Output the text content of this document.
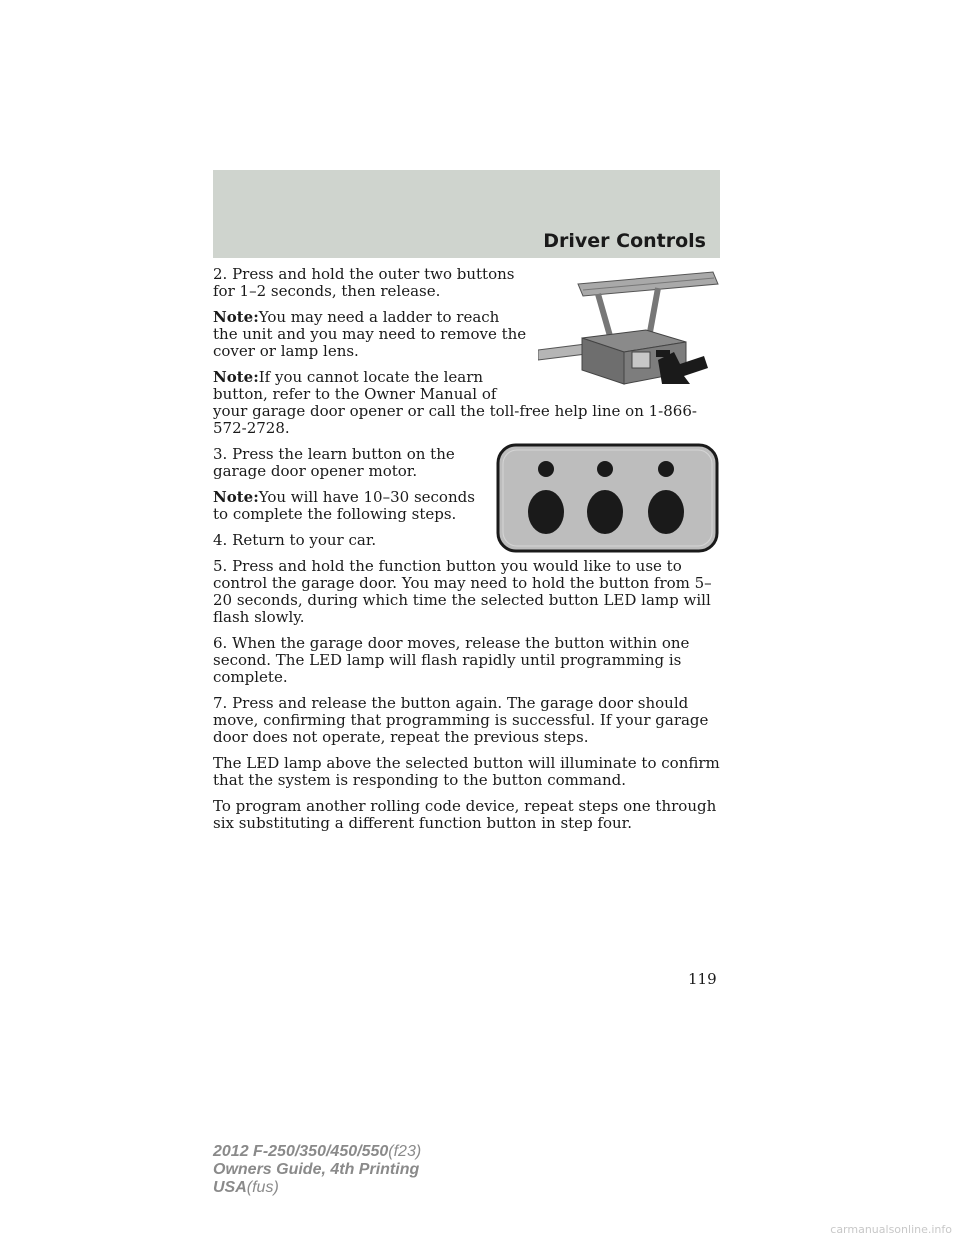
Driver Controls

2. Press and hold the outer two buttons for 1–2 seconds, then release.

Note:You may need a ladder to reach the unit and you may need to remove the cover or lamp lens.

Note:If you cannot locate the learn button, refer to the Owner Manual of your garage door opener or call the toll-free help line on 1-866-572-2728.

3. Press the learn button on the garage door opener motor.

Note:You will have 10–30 seconds to complete the following steps.

4. Return to your car.

5. Press and hold the function button you would like to use to control the garage door. You may need to hold the button from 5–20 seconds, during which time the selected button LED lamp will flash slowly.

6. When the garage door moves, release the button within one second. The LED lamp will flash rapidly until programming is complete.

7. Press and release the button again. The garage door should move, confirming that programming is successful. If your garage door does not operate, repeat the previous steps.

The LED lamp above the selected button will illuminate to confirm that the system is responding to the button command.

To program another rolling code device, repeat steps one through six substituting a different function button in step four.

119
2012 F-250/350/450/550(f23)
Owners Guide, 4th Printing
USA(fus)
carmanualsonline.info
